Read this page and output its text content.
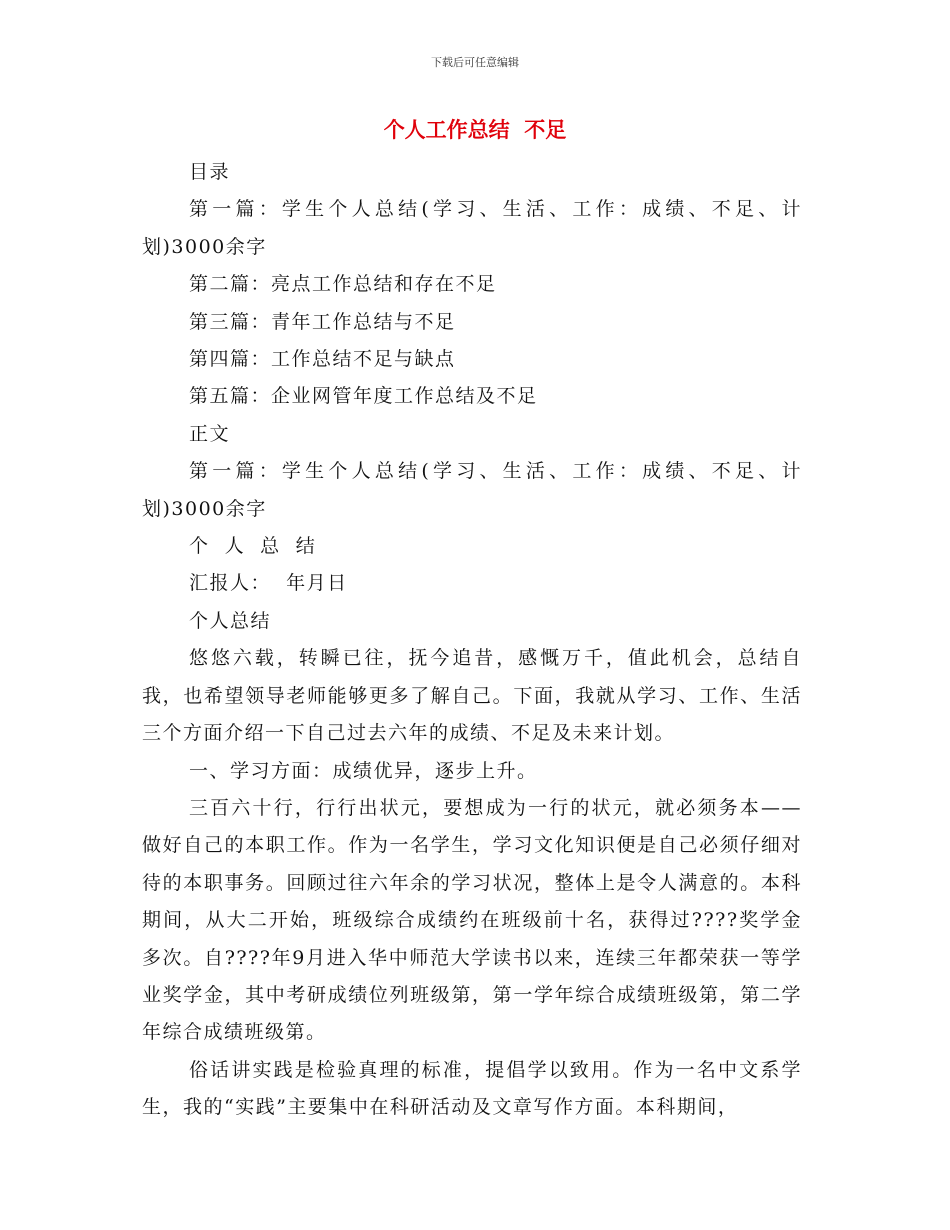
下载后可任意编辑
个人工作总结  不足

目录

第一篇：学生个人总结(学习、生活、工作：成绩、不足、计划)3000余字

第二篇：亮点工作总结和存在不足

第三篇：青年工作总结与不足

第四篇：工作总结不足与缺点

第五篇：企业网管年度工作总结及不足

正文

第一篇：学生个人总结(学习、生活、工作：成绩、不足、计划)3000余字

个  人  总  结

汇报人：  年月日

个人总结

悠悠六载，转瞬已往，抚今追昔，感慨万千，值此机会，总结自我，也希望领导老师能够更多了解自己。下面，我就从学习、工作、生活三个方面介绍一下自己过去六年的成绩、不足及未来计划。

一、学习方面：成绩优异，逐步上升。

三百六十行，行行出状元，要想成为一行的状元，就必须务本——做好自己的本职工作。作为一名学生，学习文化知识便是自己必须仔细对待的本职事务。回顾过往六年余的学习状况，整体上是令人满意的。本科期间，从大二开始，班级综合成绩约在班级前十名，获得过????奖学金多次。自????年9月进入华中师范大学读书以来，连续三年都荣获一等学业奖学金，其中考研成绩位列班级第，第一学年综合成绩班级第，第二学年综合成绩班级第。

俗话讲实践是检验真理的标准，提倡学以致用。作为一名中文系学生，我的“实践”主要集中在科研活动及文章写作方面。本科期间，
